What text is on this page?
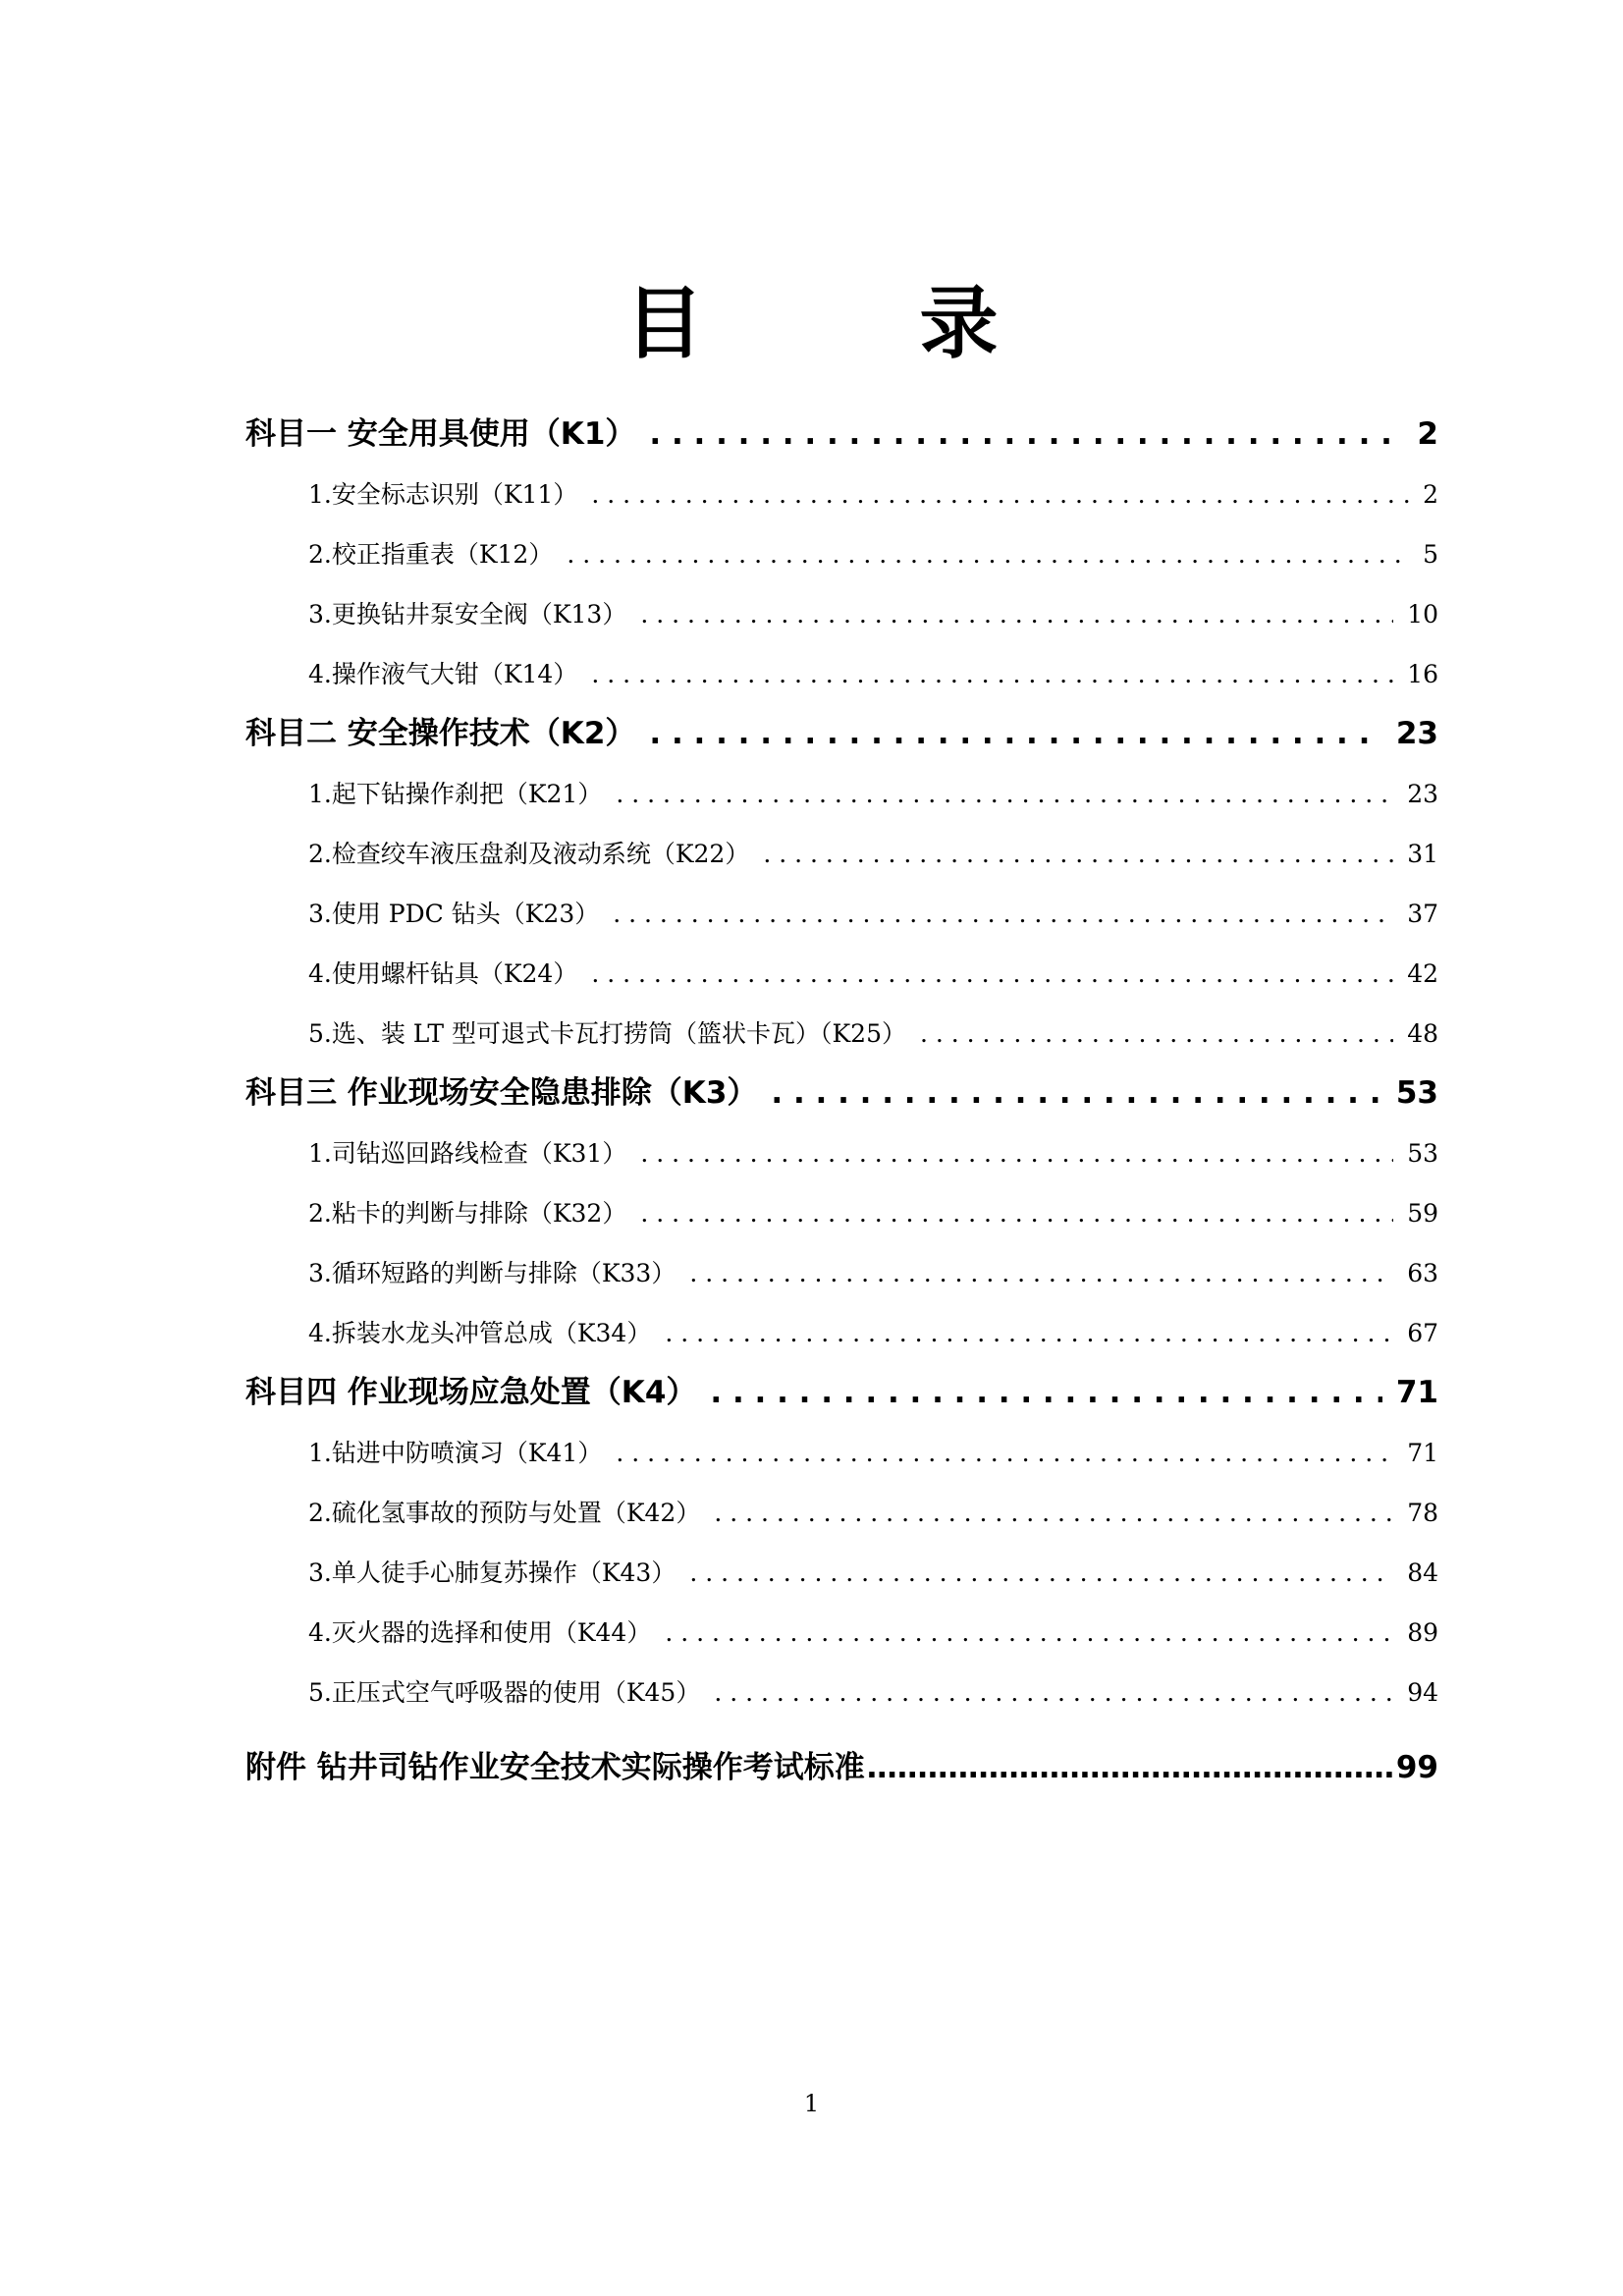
目　录
科目一 安全用具使用（K1） . . .	2
1.安全标志识别（K11） . . .	2
2.校正指重表（K12） . . .	5
3.更换钻井泵安全阀（K13） . . .	10
4.操作液气大钳（K14） . . .	16
科目二 安全操作技术（K2） . . .	23
1.起下钻操作刹把（K21） . . .	23
2.检查绞车液压盘刹及液动系统（K22） . . .	31
3.使用 PDC 钻头（K23） . . .	37
4.使用螺杆钻具（K24） . . .	42
5.选、装 LT 型可退式卡瓦打捞筒（篮状卡瓦）（K25） . . .	48
科目三 作业现场安全隐患排除（K3） . . .	53
1.司钻巡回路线检查（K31） . . .	53
2.粘卡的判断与排除（K32） . . .	59
3.循环短路的判断与排除（K33） . . .	63
4.拆装水龙头冲管总成（K34） . . .	67
科目四 作业现场应急处置（K4） . . .	71
1.钻进中防喷演习（K41） . . .	71
2.硫化氢事故的预防与处置（K42） . . .	78
3.单人徒手心肺复苏操作（K43） . . .	84
4.灭火器的选择和使用（K44） . . .	89
5.正压式空气呼吸器的使用（K45） . . .	94
附件 钻井司钻作业安全技术实际操作考试标准 ……………………………………………………………………………………………………	99
1
